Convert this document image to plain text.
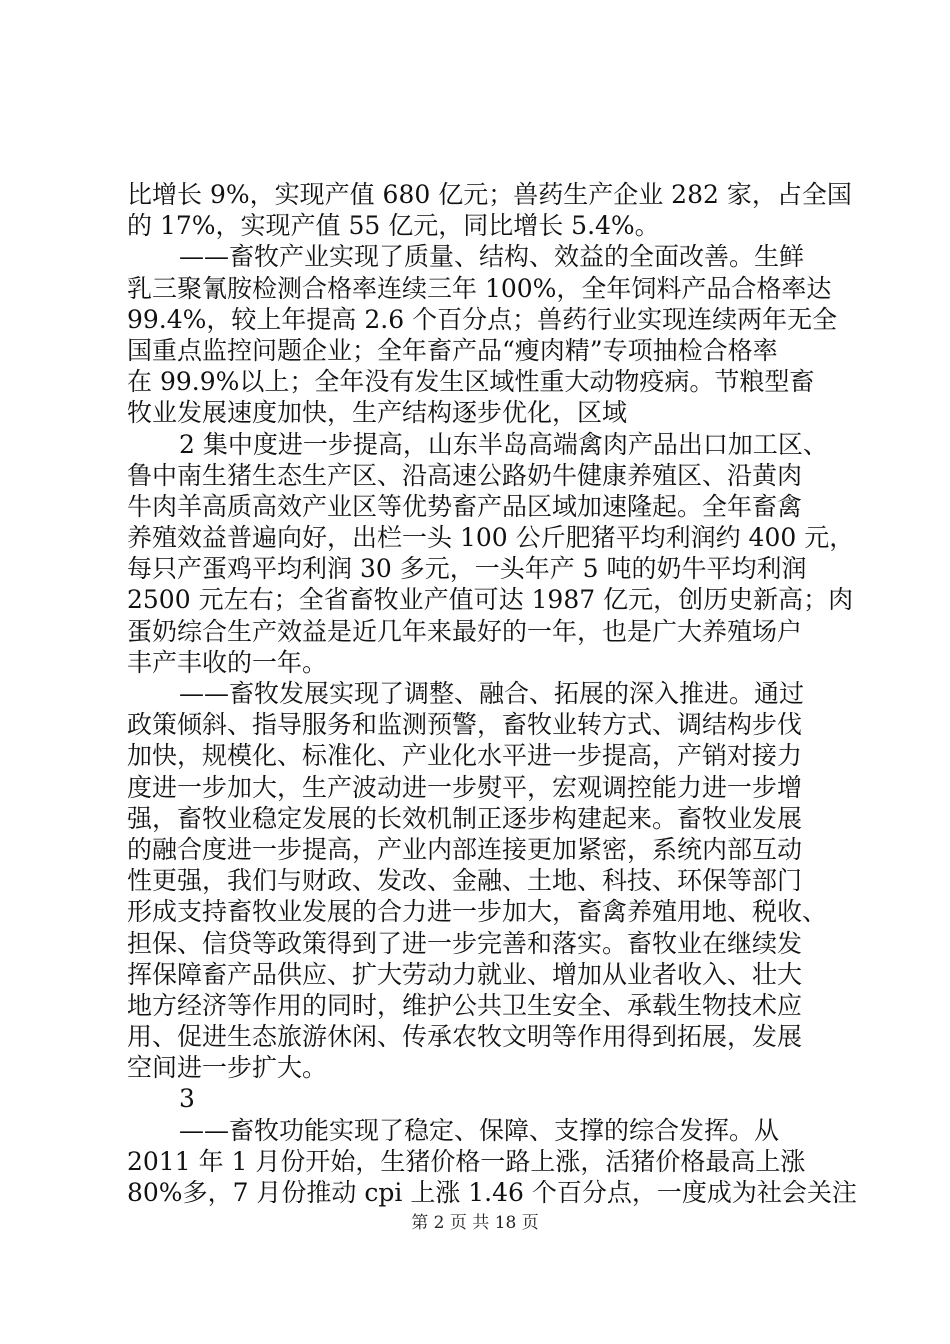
比增长 9%，实现产值 680 亿元；兽药生产企业 282 家，占全国
的 17%，实现产值 55 亿元，同比增长 5.4%。
——畜牧产业实现了质量、结构、效益的全面改善。生鲜
乳三聚氰胺检测合格率连续三年 100%，全年饲料产品合格率达
99.4%，较上年提高 2.6 个百分点；兽药行业实现连续两年无全
国重点监控问题企业；全年畜产品“瘦肉精”专项抽检合格率
在 99.9%以上；全年没有发生区域性重大动物疫病。节粮型畜
牧业发展速度加快，生产结构逐步优化，区域
2 集中度进一步提高，山东半岛高端禽肉产品出口加工区、
鲁中南生猪生态生产区、沿高速公路奶牛健康养殖区、沿黄肉
牛肉羊高质高效产业区等优势畜产品区域加速隆起。全年畜禽
养殖效益普遍向好，出栏一头 100 公斤肥猪平均利润约 400 元，
每只产蛋鸡平均利润 30 多元，一头年产 5 吨的奶牛平均利润
2500 元左右；全省畜牧业产值可达 1987 亿元，创历史新高；肉
蛋奶综合生产效益是近几年来最好的一年，也是广大养殖场户
丰产丰收的一年。
——畜牧发展实现了调整、融合、拓展的深入推进。通过
政策倾斜、指导服务和监测预警，畜牧业转方式、调结构步伐
加快，规模化、标准化、产业化水平进一步提高，产销对接力
度进一步加大，生产波动进一步熨平，宏观调控能力进一步增
强，畜牧业稳定发展的长效机制正逐步构建起来。畜牧业发展
的融合度进一步提高，产业内部连接更加紧密，系统内部互动
性更强，我们与财政、发改、金融、土地、科技、环保等部门
形成支持畜牧业发展的合力进一步加大，畜禽养殖用地、税收、
担保、信贷等政策得到了进一步完善和落实。畜牧业在继续发
挥保障畜产品供应、扩大劳动力就业、增加从业者收入、壮大
地方经济等作用的同时，维护公共卫生安全、承载生物技术应
用、促进生态旅游休闲、传承农牧文明等作用得到拓展，发展
空间进一步扩大。
3
——畜牧功能实现了稳定、保障、支撑的综合发挥。从
2011 年 1 月份开始，生猪价格一路上涨，活猪价格最高上涨
80%多，7 月份推动 cpi 上涨 1.46 个百分点，一度成为社会关注
第 2 页 共 18 页
